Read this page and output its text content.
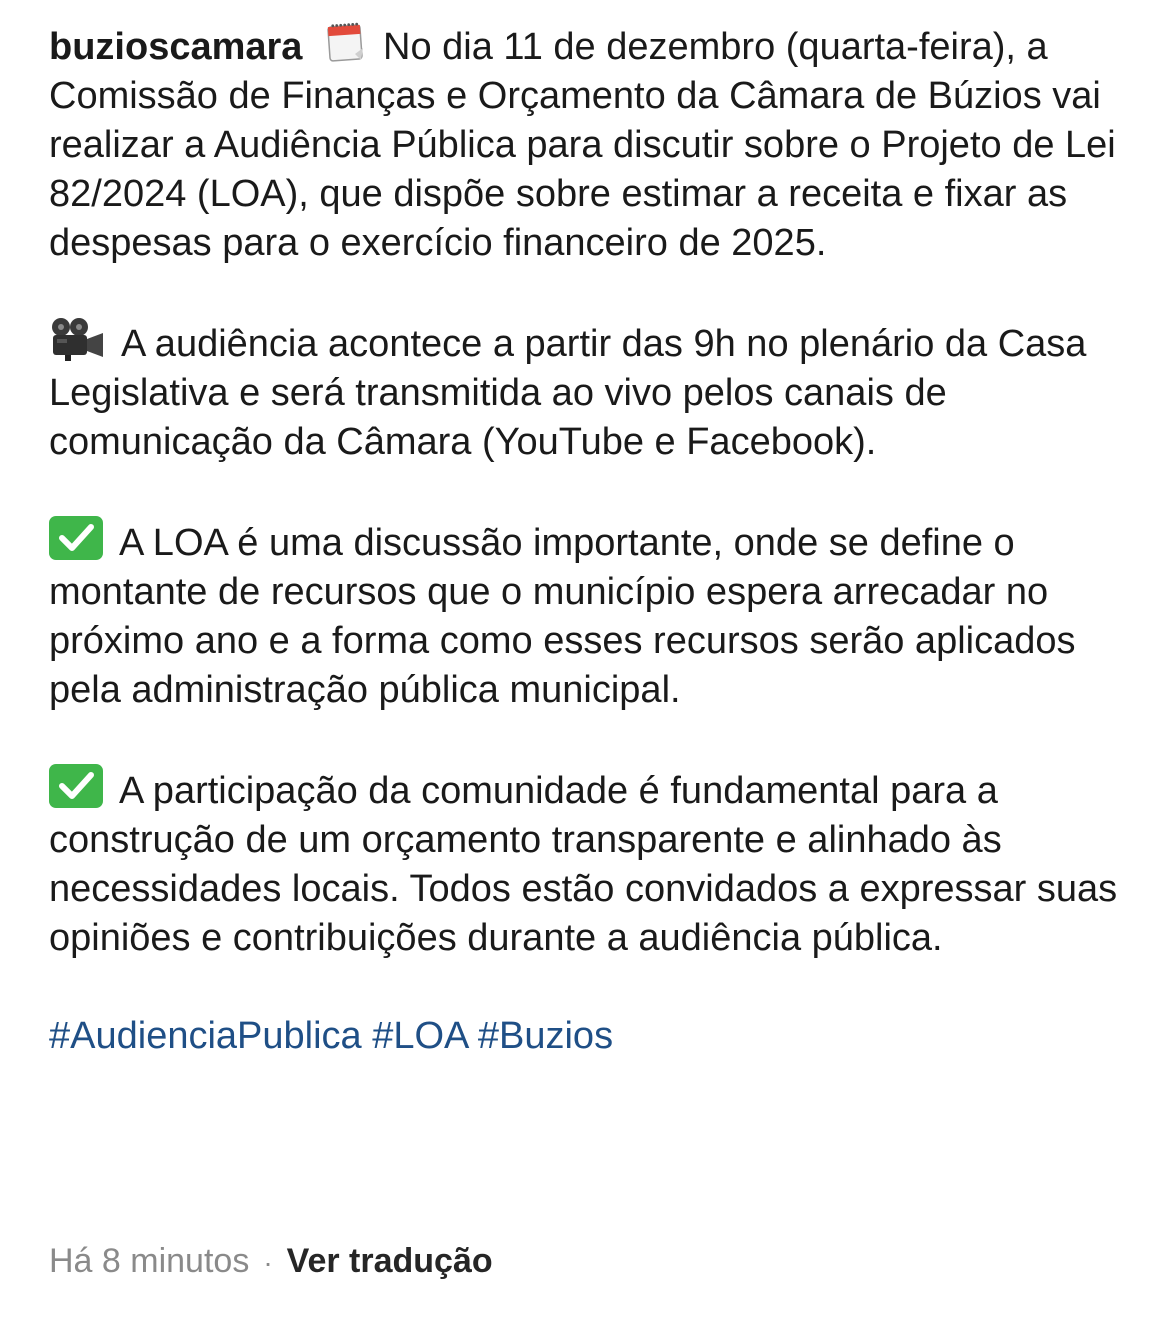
buzioscamara No dia 11 de dezembro (quarta-feira), a Comissão de Finanças e Orçamento da Câmara de Búzios vai realizar a Audiência Pública para discutir sobre o Projeto de Lei 82/2024 (LOA), que dispõe sobre estimar a receita e fixar as despesas para o exercício financeiro de 2025.

A audiência acontece a partir das 9h no plenário da Casa Legislativa e será transmitida ao vivo pelos canais de comunicação da Câmara (YouTube e Facebook).

A LOA é uma discussão importante, onde se define o montante de recursos que o município espera arrecadar no próximo ano e a forma como esses recursos serão aplicados pela administração pública municipal.

A participação da comunidade é fundamental para a construção de um orçamento transparente e alinhado às necessidades locais. Todos estão convidados a expressar suas opiniões e contribuições durante a audiência pública.

#AudienciaPublica #LOA #Buzios

Há 8 minutos · Ver tradução
